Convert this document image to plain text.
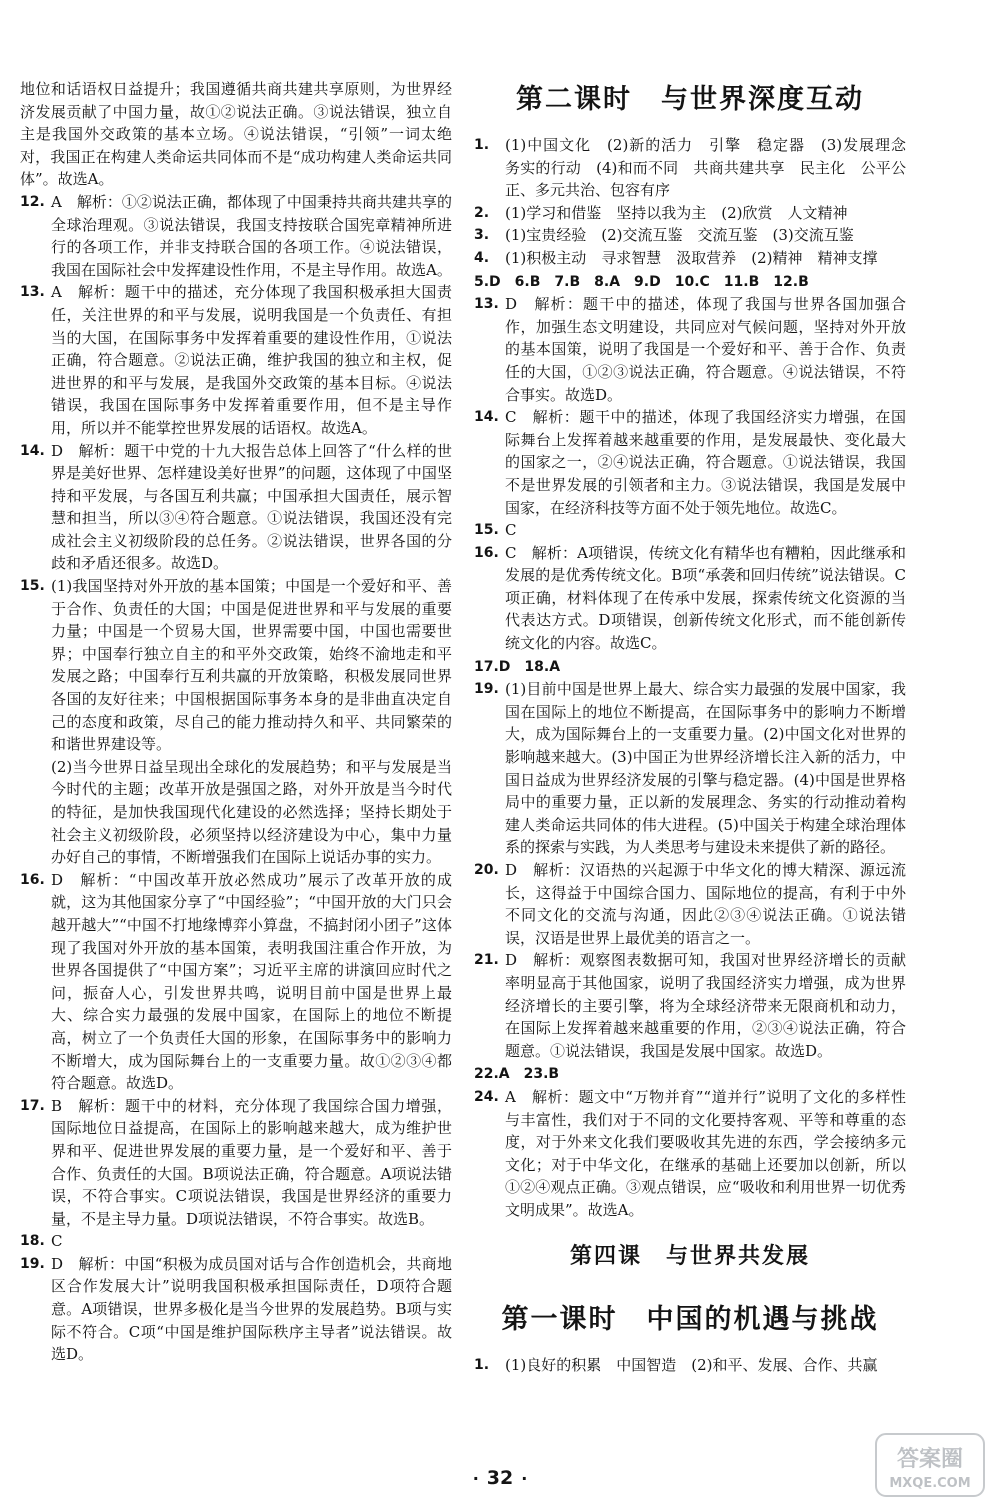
地位和话语权日益提升；我国遵循共商共建共享原则，为世界经济发展贡献了中国力量，故①②说法正确。③说法错误，独立自主是我国外交政策的基本立场。④说法错误，“引领”一词太绝对，我国正在构建人类命运共同体而不是“成功构建人类命运共同体”。故选A。
12. A　解析：①②说法正确，都体现了中国秉持共商共建共享的全球治理观。③说法错误，我国支持按联合国宪章精神所进行的各项工作，并非支持联合国的各项工作。④说法错误，我国在国际社会中发挥建设性作用，不是主导作用。故选A。
13. A　解析：题干中的描述，充分体现了我国积极承担大国责任，关注世界的和平与发展，说明我国是一个负责任、有担当的大国，在国际事务中发挥着重要的建设性作用，①说法正确，符合题意。②说法正确，维护我国的独立和主权，促进世界的和平与发展，是我国外交政策的基本目标。④说法错误，我国在国际事务中发挥着重要作用，但不是主导作用，所以并不能掌控世界发展的话语权。故选A。
14. D　解析：题干中党的十九大报告总体上回答了“什么样的世界是美好世界、怎样建设美好世界”的问题，这体现了中国坚持和平发展，与各国互利共赢；中国承担大国责任，展示智慧和担当，所以③④符合题意。①说法错误，我国还没有完成社会主义初级阶段的总任务。②说法错误，世界各国的分歧和矛盾还很多。故选D。
15. (1)我国坚持对外开放的基本国策；中国是一个爱好和平、善于合作、负责任的大国；中国是促进世界和平与发展的重要力量；中国是一个贸易大国，世界需要中国，中国也需要世界；中国奉行独立自主的和平外交政策，始终不渝地走和平发展之路；中国奉行互利共赢的开放策略，积极发展同世界各国的友好往来；中国根据国际事务本身的是非曲直决定自己的态度和政策，尽自己的能力推动持久和平、共同繁荣的和谐世界建设等。
(2)当今世界日益呈现出全球化的发展趋势；和平与发展是当今时代的主题；改革开放是强国之路，对外开放是当今时代的特征，是加快我国现代化建设的必然选择；坚持长期处于社会主义初级阶段，必须坚持以经济建设为中心，集中力量办好自己的事情，不断增强我们在国际上说话办事的实力。
16. D　解析：“中国改革开放必然成功”展示了改革开放的成就，这为其他国家分享了“中国经验”；“中国开放的大门只会越开越大”“中国不打地缘博弈小算盘，不搞封闭小团子”这体现了我国对外开放的基本国策，表明我国注重合作开放，为世界各国提供了“中国方案”；习近平主席的讲演回应时代之问，振奋人心，引发世界共鸣，说明目前中国是世界上最大、综合实力最强的发展中国家，在国际上的地位不断提高，树立了一个负责任大国的形象，在国际事务中的影响力不断增大，成为国际舞台上的一支重要力量。故①②③④都符合题意。故选D。
17. B　解析：题干中的材料，充分体现了我国综合国力增强，国际地位日益提高，在国际上的影响越来越大，成为维护世界和平、促进世界发展的重要力量，是一个爱好和平、善于合作、负责任的大国。B项说法正确，符合题意。A项说法错误，不符合事实。C项说法错误，我国是世界经济的重要力量，不是主导力量。D项说法错误，不符合事实。故选B。
18. C
19. D　解析：中国“积极为成员国对话与合作创造机会，共商地区合作发展大计”说明我国积极承担国际责任，D项符合题意。A项错误，世界多极化是当今世界的发展趋势。B项与实际不符合。C项“中国是维护国际秩序主导者”说法错误。故选D。
第二课时　与世界深度互动
1. (1)中国文化　(2)新的活力　引擎　稳定器　(3)发展理念　务实的行动　(4)和而不同　共商共建共享　民主化　公平公正、多元共治、包容有序
2. (1)学习和借鉴　坚持以我为主　(2)欣赏　人文精神
3. (1)宝贵经验　(2)交流互鉴　交流互鉴　(3)交流互鉴
4. (1)积极主动　寻求智慧　汲取营养　(2)精神　精神支撑
5.D　6.B　7.B　8.A　9.D　10.C　11.B　12.B
13. D　解析：题干中的描述，体现了我国与世界各国加强合作，加强生态文明建设，共同应对气候问题，坚持对外开放的基本国策，说明了我国是一个爱好和平、善于合作、负责任的大国，①②③说法正确，符合题意。④说法错误，不符合事实。故选D。
14. C　解析：题干中的描述，体现了我国经济实力增强，在国际舞台上发挥着越来越重要的作用，是发展最快、变化最大的国家之一，②④说法正确，符合题意。①说法错误，我国不是世界发展的引领者和主力。③说法错误，我国是发展中国家，在经济科技等方面不处于领先地位。故选C。
15. C
16. C　解析：A项错误，传统文化有精华也有糟粕，因此继承和发展的是优秀传统文化。B项“承袭和回归传统”说法错误。C项正确，材料体现了在传承中发展，探索传统文化资源的当代表达方式。D项错误，创新传统文化形式，而不能创新传统文化的内容。故选C。
17.D　18.A
19. (1)目前中国是世界上最大、综合实力最强的发展中国家，我国在国际上的地位不断提高，在国际事务中的影响力不断增大，成为国际舞台上的一支重要力量。(2)中国文化对世界的影响越来越大。(3)中国正为世界经济增长注入新的活力，中国日益成为世界经济发展的引擎与稳定器。(4)中国是世界格局中的重要力量，正以新的发展理念、务实的行动推动着构建人类命运共同体的伟大进程。(5)中国关于构建全球治理体系的探索与实践，为人类思考与建设未来提供了新的路径。
20. D　解析：汉语热的兴起源于中华文化的博大精深、源远流长，这得益于中国综合国力、国际地位的提高，有利于中外不同文化的交流与沟通，因此②③④说法正确。①说法错误，汉语是世界上最优美的语言之一。
21. D　解析：观察图表数据可知，我国对世界经济增长的贡献率明显高于其他国家，说明了我国经济实力增强，成为世界经济增长的主要引擎，将为全球经济带来无限商机和动力，在国际上发挥着越来越重要的作用，②③④说法正确，符合题意。①说法错误，我国是发展中国家。故选D。
22.A　23.B
24. A　解析：题文中“万物并育”“道并行”说明了文化的多样性与丰富性，我们对于不同的文化要持客观、平等和尊重的态度，对于外来文化我们要吸收其先进的东西，学会接纳多元文化；对于中华文化，在继承的基础上还要加以创新，所以①②④观点正确。③观点错误，应“吸收和利用世界一切优秀文明成果”。故选A。
第四课　与世界共发展
第一课时　中国的机遇与挑战
1. (1)良好的积累　中国智造　(2)和平、发展、合作、共赢
· 32 ·
答案圈
MXQE.COM
